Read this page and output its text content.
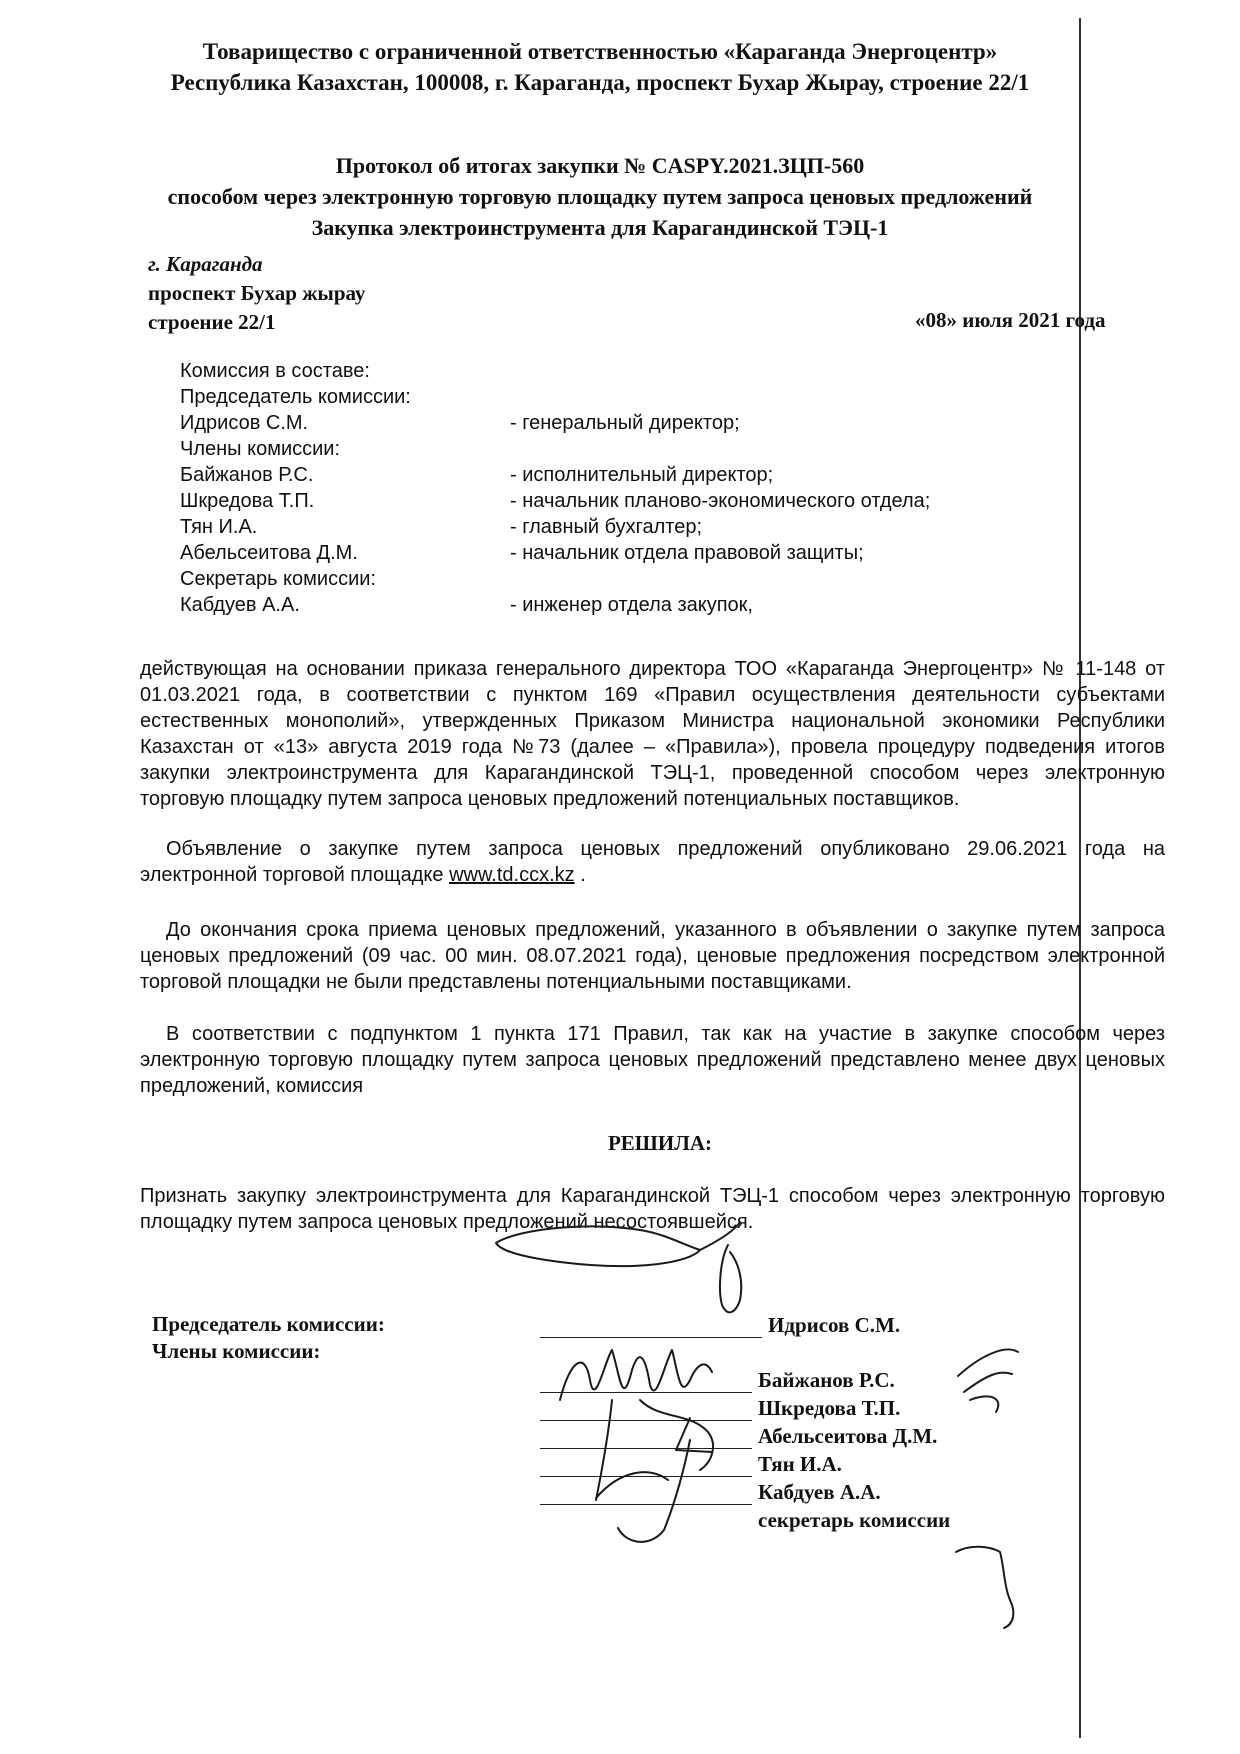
Товарищество с ограниченной ответственностью «Караганда Энергоцентр»
Республика Казахстан, 100008, г. Караганда, проспект Бухар Жырау, строение 22/1
Протокол об итогах закупки № CASPY.2021.ЗЦП-560
способом через электронную торговую площадку путем запроса ценовых предложений
Закупка электроинструмента для Карагандинской ТЭЦ-1
г. Караганда
проспект Бухар жырау
строение 22/1	«08» июля 2021 года
Комиссия в составе:
Председатель комиссии:
Идрисов С.М.	- генеральный директор;
Члены комиссии:
Байжанов Р.С.	- исполнительный директор;
Шкредова Т.П.	- начальник планово-экономического отдела;
Тян И.А.	- главный бухгалтер;
Абельсеитова Д.М.	- начальник отдела правовой защиты;
Секретарь комиссии:
Кабдуев А.А.	- инженер отдела закупок,
действующая на основании приказа генерального директора ТОО «Караганда Энергоцентр» № 11-148 от 01.03.2021 года, в соответствии с пунктом 169 «Правил осуществления деятельности субъектами естественных монополий», утвержденных Приказом Министра национальной экономики Республики Казахстан от «13» августа 2019 года №73 (далее – «Правила»), провела процедуру подведения итогов закупки электроинструмента для Карагандинской ТЭЦ-1, проведенной способом через электронную торговую площадку путем запроса ценовых предложений потенциальных поставщиков.
Объявление о закупке путем запроса ценовых предложений опубликовано 29.06.2021 года на электронной торговой площадке www.td.ccx.kz .
До окончания срока приема ценовых предложений, указанного в объявлении о закупке путем запроса ценовых предложений (09 час. 00 мин. 08.07.2021 года), ценовые предложения посредством электронной торговой площадки не были представлены потенциальными поставщиками.
В соответствии с подпунктом 1 пункта 171 Правил, так как на участие в закупке способом через электронную торговую площадку путем запроса ценовых предложений представлено менее двух ценовых предложений, комиссия
РЕШИЛА:
Признать закупку электроинструмента для Карагандинской ТЭЦ-1 способом через электронную торговую площадку путем запроса ценовых предложений несостоявшейся.
Председатель комиссии:
Члены комиссии:
Идрисов С.М.
Байжанов Р.С.
Шкредова Т.П.
Абельсеитова Д.М.
Тян И.А.
Кабдуев А.А.
секретарь комиссии
